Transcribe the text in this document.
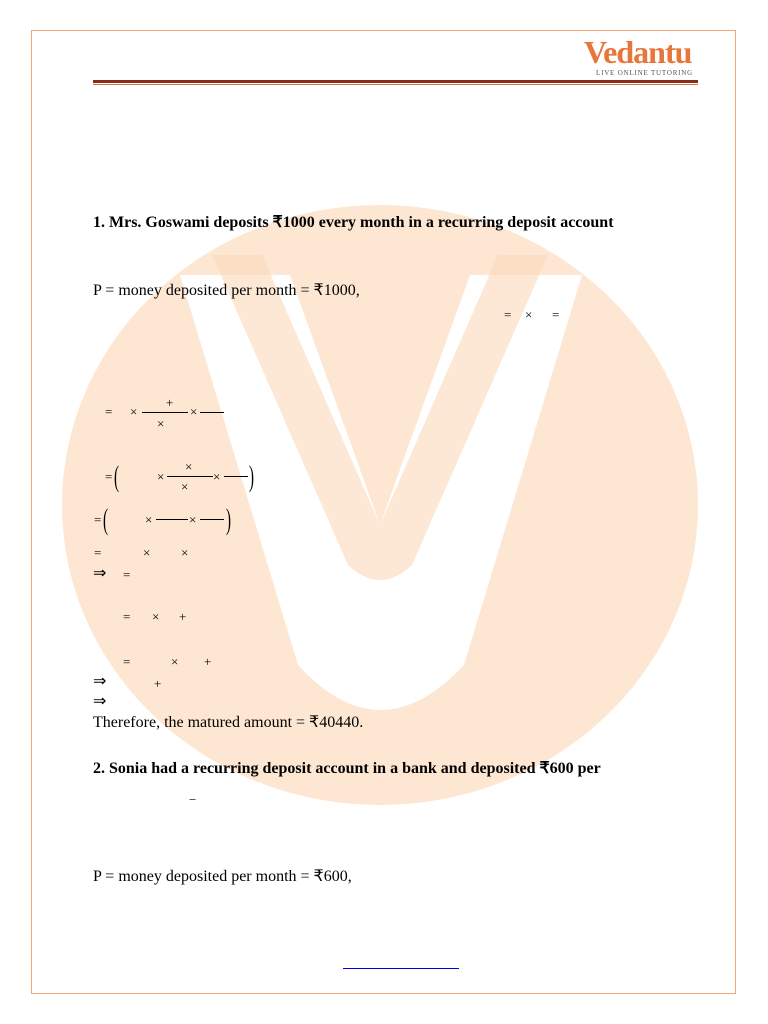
Vedantu
LIVE ONLINE TUTORING
1. Mrs. Goswami deposits ₹1000 every month in a recurring deposit account
P = money deposited per month = ₹1000,
= × =
= ×
+
×
×
= (	×
×
×
× )
= (	×	× )
=	× ×
⇒ =
= × +
=	× +
⇒	+
⇒
Therefore, the matured amount = ₹40440.
2. Sonia had a recurring deposit account in a bank and deposited ₹600 per
−
P = money deposited per month = ₹600,
